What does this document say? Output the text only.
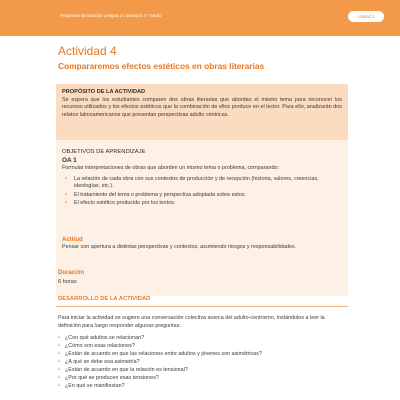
Programa de Estudio Lengua y Literatura 4° medio	Unidad 1
Actividad 4
Compararemos efectos estéticos en obras literarias
PROPÓSITO DE LA ACTIVIDAD
Se espera que los estudiantes comparen dos obras literarias que abordan el mismo tema para reconocer los recursos utilizados y los efectos estéticos que la combinación de ellos produce en el lector. Para ello, analizarán dos relatos latinoamericanos que presentan perspectivas adulto céntricas.
OBJETIVOS DE APRENDIZAJE
OA 1
Formular interpretaciones de obras que aborden un mismo tema o problema, comparando:
• La relación de cada obra con sus contextos de producción y de recepción (historia, valores, creencias, ideologías, etc.).
• El tratamiento del tema o problema y perspectiva adoptada sobre estos.
• El efecto estético producido por los textos.
Actitud
Pensar con apertura a distintas perspectivas y contextos, asumiendo riesgos y responsabilidades.
Duración
6 horas
DESARROLLO DE LA ACTIVIDAD
Para iniciar la actividad se sugiere una conversación colectiva acerca del adulto-centrismo, instándolos a leer la definición para luego responder algunas preguntas:
• ¿Con qué adultos se relacionan?
• ¿Cómo son esas relaciones?
• ¿Están de acuerdo en que las relaciones entre adultos y jóvenes son asimétricas?
• ¿A qué se debe esa asimetría?
• ¿Están de acuerdo en que la relación es tensional?
• ¿Por qué se producen esas tensiones?
• ¿En qué se manifiestan?
